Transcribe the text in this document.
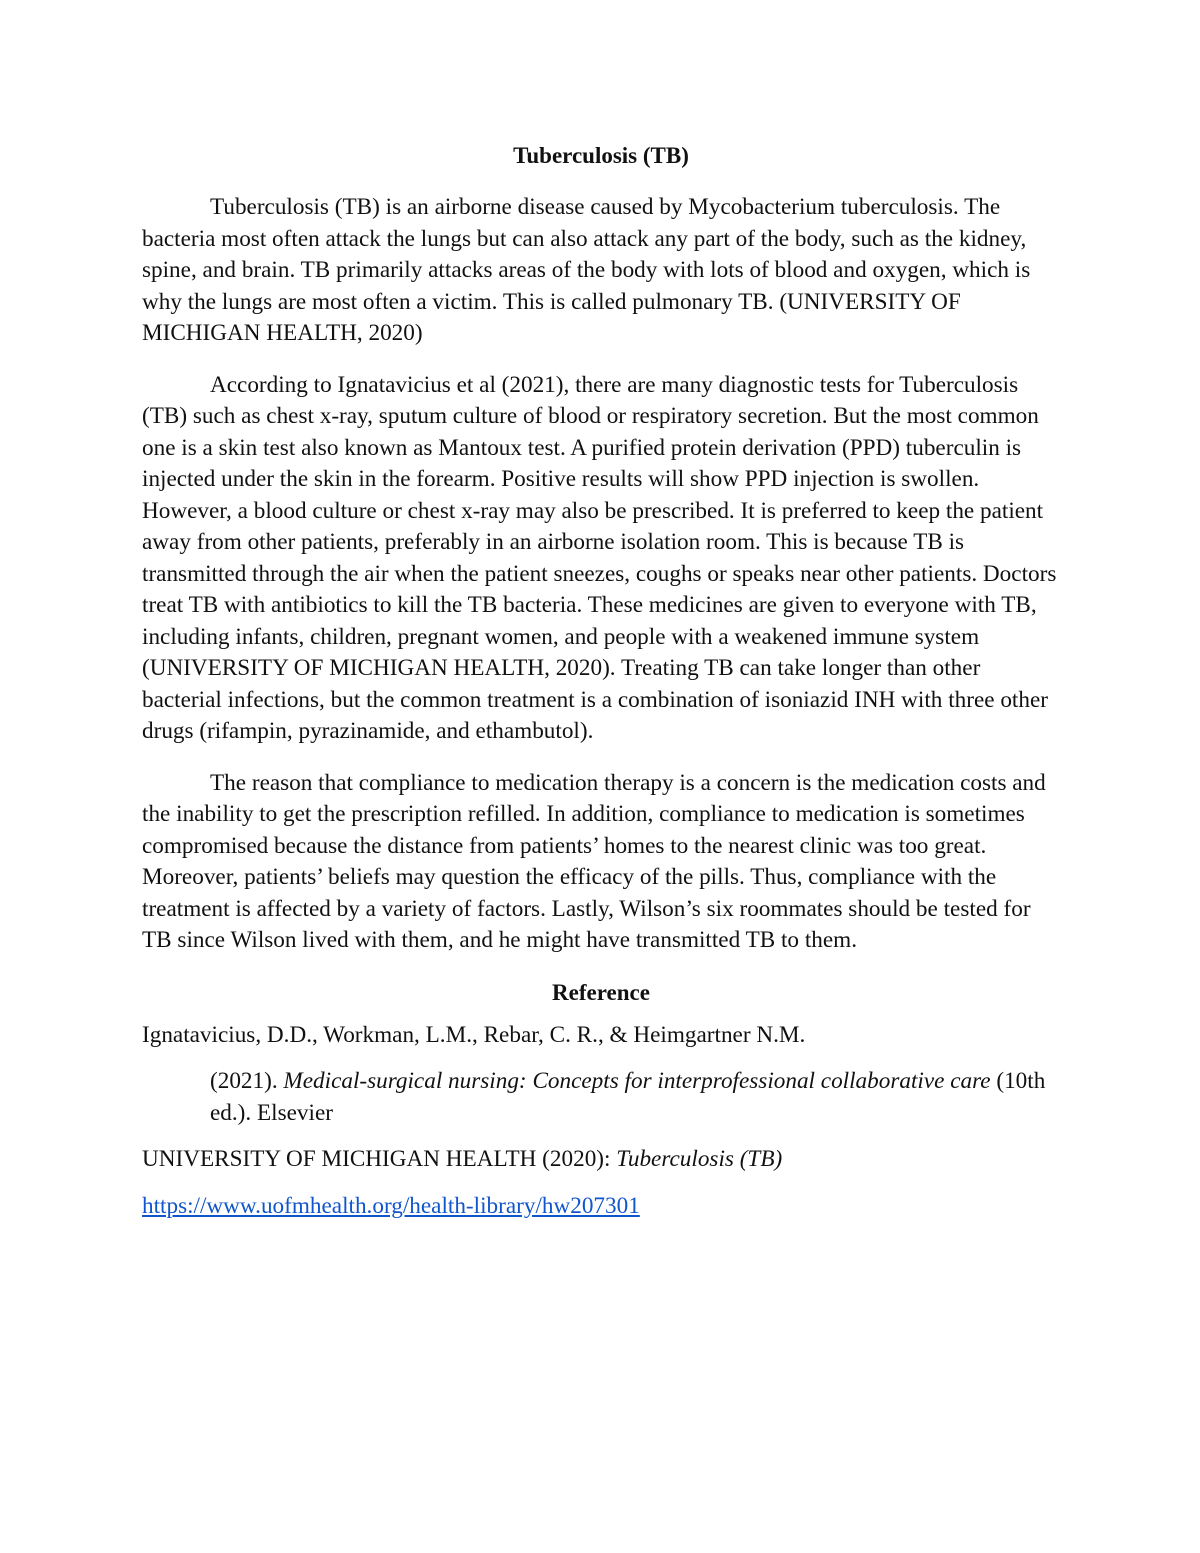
Tuberculosis (TB)

Tuberculosis (TB) is an airborne disease caused by Mycobacterium tuberculosis. The bacteria most often attack the lungs but can also attack any part of the body, such as the kidney, spine, and brain. TB primarily attacks areas of the body with lots of blood and oxygen, which is why the lungs are most often a victim. This is called pulmonary TB. (UNIVERSITY OF MICHIGAN HEALTH, 2020)

According to Ignatavicius et al (2021), there are many diagnostic tests for Tuberculosis (TB) such as chest x-ray, sputum culture of blood or respiratory secretion. But the most common one is a skin test also known as Mantoux test. A purified protein derivation (PPD) tuberculin is injected under the skin in the forearm. Positive results will show PPD injection is swollen. However, a blood culture or chest x-ray may also be prescribed. It is preferred to keep the patient away from other patients, preferably in an airborne isolation room. This is because TB is transmitted through the air when the patient sneezes, coughs or speaks near other patients. Doctors treat TB with antibiotics to kill the TB bacteria. These medicines are given to everyone with TB, including infants, children, pregnant women, and people with a weakened immune system (UNIVERSITY OF MICHIGAN HEALTH, 2020). Treating TB can take longer than other bacterial infections, but the common treatment is a combination of isoniazid INH with three other drugs (rifampin, pyrazinamide, and ethambutol).

The reason that compliance to medication therapy is a concern is the medication costs and the inability to get the prescription refilled. In addition, compliance to medication is sometimes compromised because the distance from patients’ homes to the nearest clinic was too great. Moreover, patients’ beliefs may question the efficacy of the pills. Thus, compliance with the treatment is affected by a variety of factors. Lastly, Wilson’s six roommates should be tested for TB since Wilson lived with them, and he might have transmitted TB to them.

Reference

Ignatavicius, D.D., Workman, L.M., Rebar, C. R., & Heimgartner N.M.

(2021). Medical-surgical nursing: Concepts for interprofessional collaborative care (10th ed.). Elsevier

UNIVERSITY OF MICHIGAN HEALTH (2020): Tuberculosis (TB)

https://www.uofmhealth.org/health-library/hw207301
